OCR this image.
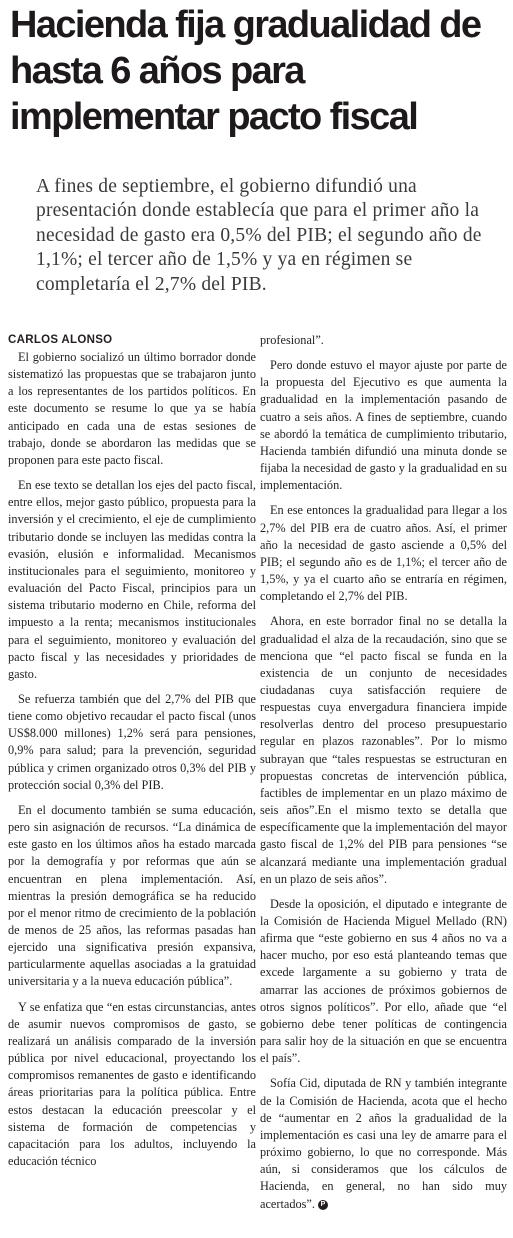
Hacienda fija gradualidad de hasta 6 años para implementar pacto fiscal

A fines de septiembre, el gobierno difundió una presentación donde establecía que para el primer año la necesidad de gasto era 0,5% del PIB; el segundo año de 1,1%; el tercer año de 1,5% y ya en régimen se completaría el 2,7% del PIB.

CARLOS ALONSO

El gobierno socializó un último borrador donde sistematizó las propuestas que se trabajaron junto a los representantes de los partidos políticos. En este documento se resume lo que ya se había anticipado en cada una de estas sesiones de trabajo, donde se abordaron las medidas que se proponen para este pacto fiscal.

En ese texto se detallan los ejes del pacto fiscal, entre ellos, mejor gasto público, propuesta para la inversión y el crecimiento, el eje de cumplimiento tributario donde se incluyen las medidas contra la evasión, elusión e informalidad. Mecanismos institucionales para el seguimiento, monitoreo y evaluación del Pacto Fiscal, principios para un sistema tributario moderno en Chile, reforma del impuesto a la renta; mecanismos institucionales para el seguimiento, monitoreo y evaluación del pacto fiscal y las necesidades y prioridades de gasto.

Se refuerza también que del 2,7% del PIB que tiene como objetivo recaudar el pacto fiscal (unos US$8.000 millones) 1,2% será para pensiones, 0,9% para salud; para la prevención, seguridad pública y crimen organizado otros 0,3% del PIB y protección social 0,3% del PIB.

En el documento también se suma educación, pero sin asignación de recursos. “La dinámica de este gasto en los últimos años ha estado marcada por la demografía y por reformas que aún se encuentran en plena implementación. Así, mientras la presión demográfica se ha reducido por el menor ritmo de crecimiento de la población de menos de 25 años, las reformas pasadas han ejercido una significativa presión expansiva, particularmente aquellas asociadas a la gratuidad universitaria y a la nueva educación pública”.

Y se enfatiza que “en estas circunstancias, antes de asumir nuevos compromisos de gasto, se realizará un análisis comparado de la inversión pública por nivel educacional, proyectando los compromisos remanentes de gasto e identificando áreas prioritarias para la política pública. Entre estos destacan la educación preescolar y el sistema de formación de competencias y capacitación para los adultos, incluyendo la educación técnico

profesional”.

Pero donde estuvo el mayor ajuste por parte de la propuesta del Ejecutivo es que aumenta la gradualidad en la implementación pasando de cuatro a seis años. A fines de septiembre, cuando se abordó la temática de cumplimiento tributario, Hacienda también difundió una minuta donde se fijaba la necesidad de gasto y la gradualidad en su implementación.

En ese entonces la gradualidad para llegar a los 2,7% del PIB era de cuatro años. Así, el primer año la necesidad de gasto asciende a 0,5% del PIB; el segundo año es de 1,1%; el tercer año de 1,5%, y ya el cuarto año se entraría en régimen, completando el 2,7% del PIB.

Ahora, en este borrador final no se detalla la gradualidad el alza de la recaudación, sino que se menciona que “el pacto fiscal se funda en la existencia de un conjunto de necesidades ciudadanas cuya satisfacción requiere de respuestas cuya envergadura financiera impide resolverlas dentro del proceso presupuestario regular en plazos razonables”. Por lo mismo subrayan que “tales respuestas se estructuran en propuestas concretas de intervención pública, factibles de implementar en un plazo máximo de seis años”.En el mismo texto se detalla que específicamente que la implementación del mayor gasto fiscal de 1,2% del PIB para pensiones “se alcanzará mediante una implementación gradual en un plazo de seis años”.

Desde la oposición, el diputado e integrante de la Comisión de Hacienda Miguel Mellado (RN) afirma que “este gobierno en sus 4 años no va a hacer mucho, por eso está planteando temas que excede largamente a su gobierno y trata de amarrar las acciones de próximos gobiernos de otros signos políticos”. Por ello, añade que “el gobierno debe tener políticas de contingencia para salir hoy de la situación en que se encuentra el país”.

Sofía Cid, diputada de RN y también integrante de la Comisión de Hacienda, acota que el hecho de “aumentar en 2 años la gradualidad de la implementación es casi una ley de amarre para el próximo gobierno, lo que no corresponde. Más aún, si consideramos que los cálculos de Hacienda, en general, no han sido muy acertados”. P
